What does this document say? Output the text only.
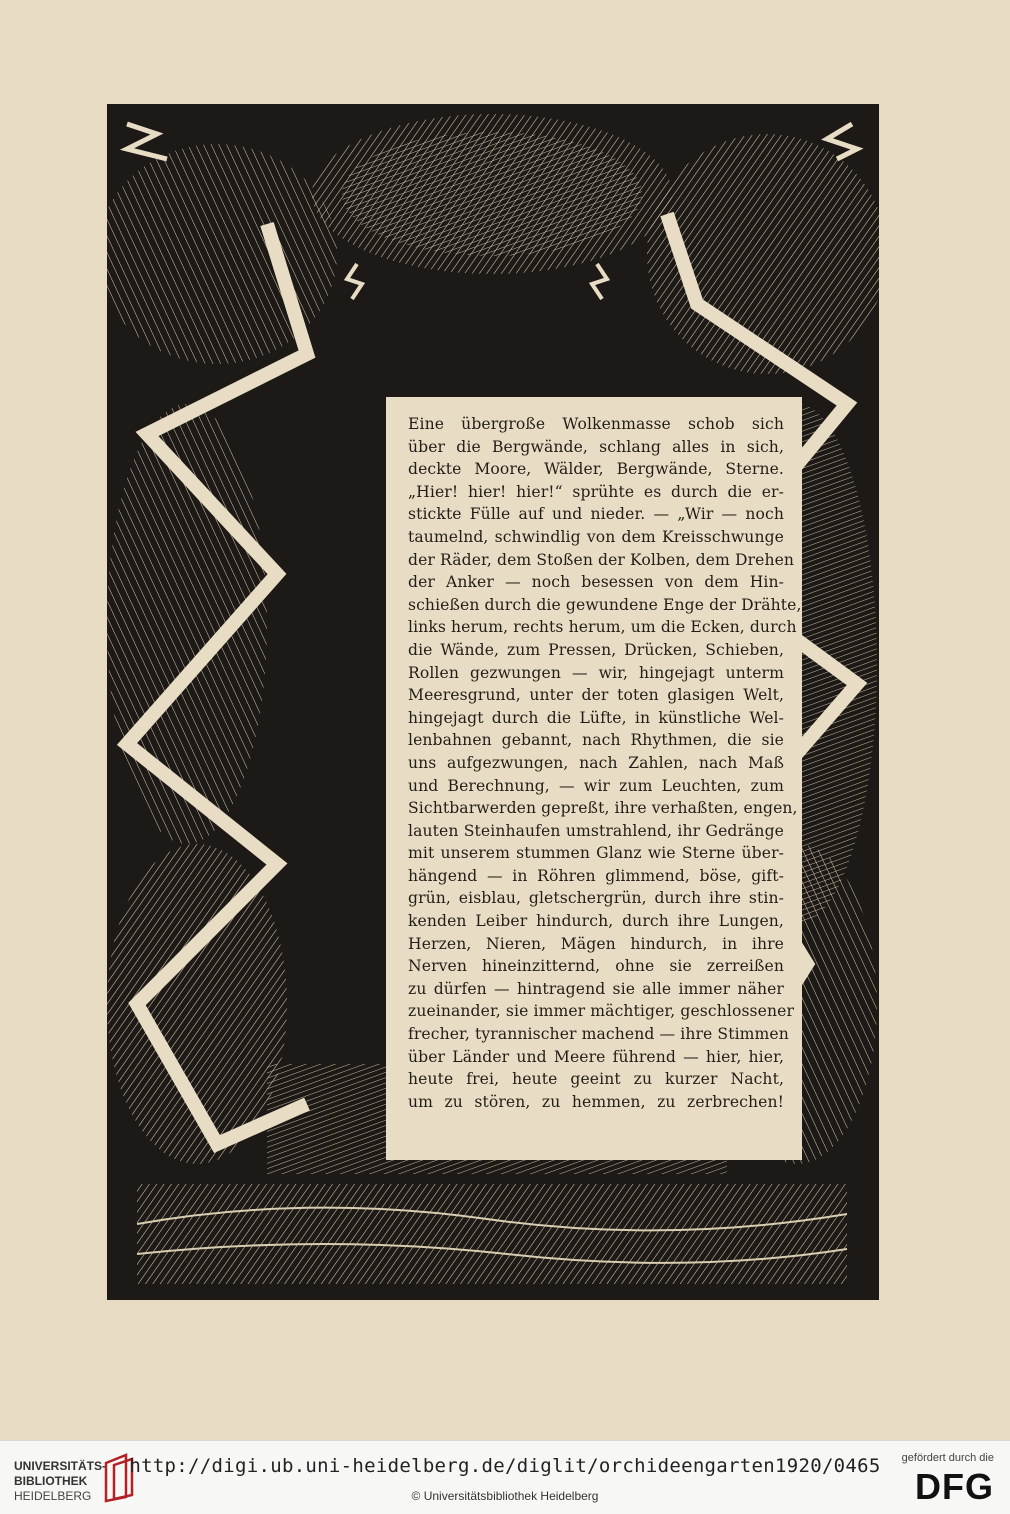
Eine übergroße Wolkenmasse schob sich
über die Bergwände, schlang alles in sich,
deckte Moore, Wälder, Bergwände, Sterne.
„Hier! hier! hier!“ sprühte es durch die er-
stickte Fülle auf und nieder. — „Wir — noch
taumelnd, schwindlig von dem Kreisschwunge
der Räder, dem Stoßen der Kolben, dem Drehen
der Anker — noch besessen von dem Hin-
schießen durch die gewundene Enge der Drähte,
links herum, rechts herum, um die Ecken, durch
die Wände, zum Pressen, Drücken, Schieben,
Rollen gezwungen — wir, hingejagt unterm
Meeresgrund, unter der toten glasigen Welt,
hingejagt durch die Lüfte, in künstliche Wel-
lenbahnen gebannt, nach Rhythmen, die sie
uns aufgezwungen, nach Zahlen, nach Maß
und Berechnung, — wir zum Leuchten, zum
Sichtbarwerden gepreßt, ihre verhaßten, engen,
lauten Steinhaufen umstrahlend, ihr Gedränge
mit unserem stummen Glanz wie Sterne über-
hängend — in Röhren glimmend, böse, gift-
grün, eisblau, gletschergrün, durch ihre stin-
kenden Leiber hindurch, durch ihre Lungen,
Herzen, Nieren, Mägen hindurch, in ihre
Nerven hineinzitternd, ohne sie zerreißen
zu dürfen — hintragend sie alle immer näher
zueinander, sie immer mächtiger, geschlossener
frecher, tyrannischer machend — ihre Stimmen
über Länder und Meere führend — hier, hier,
heute frei, heute geeint zu kurzer Nacht,
um zu stören, zu hemmen, zu zerbrechen!
UNIVERSITÄTS-
BIBLIOTHEK
HEIDELBERG
http://digi.ub.uni-heidelberg.de/diglit/orchideengarten1920/0465
© Universitätsbibliothek Heidelberg
gefördert durch die
DFG
